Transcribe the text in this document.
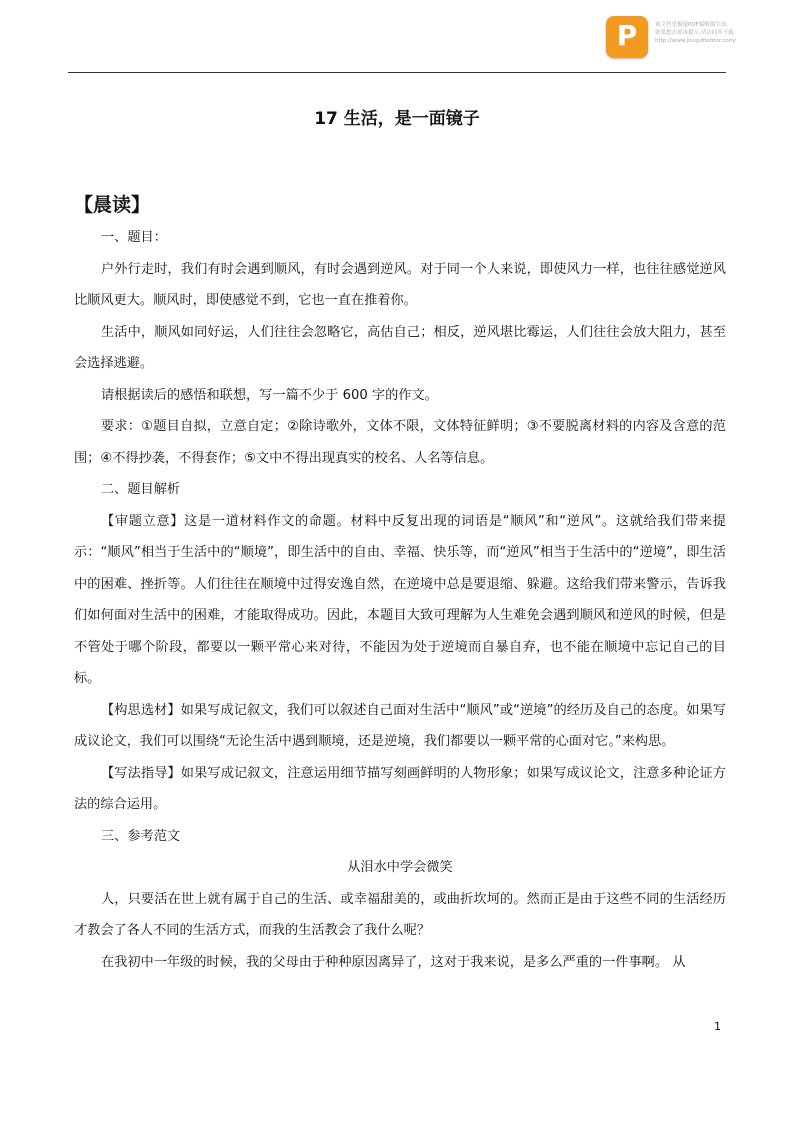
P	该文档是极速PDF编辑器生成,
如果想去掉该提示,请访问并下载:
http://www.jisupdfeditor.com/
17 生活，是一面镜子
【晨读】

一、题目：

户外行走时，我们有时会遇到顺风，有时会遇到逆风。对于同一个人来说，即使风力一样，也往往感觉逆风比顺风更大。顺风时，即使感觉不到，它也一直在推着你。

生活中，顺风如同好运，人们往往会忽略它，高估自己；相反，逆风堪比霉运，人们往往会放大阻力，甚至会选择逃避。

请根据读后的感悟和联想，写一篇不少于 600 字的作文。

要求：①题目自拟，立意自定；②除诗歌外，文体不限，文体特征鲜明；③不要脱离材料的内容及含意的范围；④不得抄袭，不得套作；⑤文中不得出现真实的校名、人名等信息。

二、题目解析

【审题立意】这是一道材料作文的命题。材料中反复出现的词语是“顺风”和“逆风”。这就给我们带来提示：“顺风”相当于生活中的“顺境”，即生活中的自由、幸福、快乐等，而“逆风”相当于生活中的“逆境”，即生活中的困难、挫折等。人们往往在顺境中过得安逸自然，在逆境中总是要退缩、躲避。这给我们带来警示，告诉我们如何面对生活中的困难，才能取得成功。因此，本题目大致可理解为人生难免会遇到顺风和逆风的时候，但是不管处于哪个阶段，都要以一颗平常心来对待，不能因为处于逆境而自暴自弃，也不能在顺境中忘记自己的目标。

【构思选材】如果写成记叙文，我们可以叙述自己面对生活中“顺风”或“逆境”的经历及自己的态度。如果写成议论文，我们可以围绕“无论生活中遇到顺境，还是逆境，我们都要以一颗平常的心面对它。”来构思。

【写法指导】如果写成记叙文，注意运用细节描写刻画鲜明的人物形象；如果写成议论文，注意多种论证方法的综合运用。

三、参考范文

从泪水中学会微笑

人，只要活在世上就有属于自己的生活、或幸福甜美的，或曲折坎坷的。然而正是由于这些不同的生活经历才教会了各人不同的生活方式，而我的生活教会了我什么呢？

在我初中一年级的时候，我的父母由于种种原因离异了，这对于我来说，是多么严重的一件事啊。 从

1
